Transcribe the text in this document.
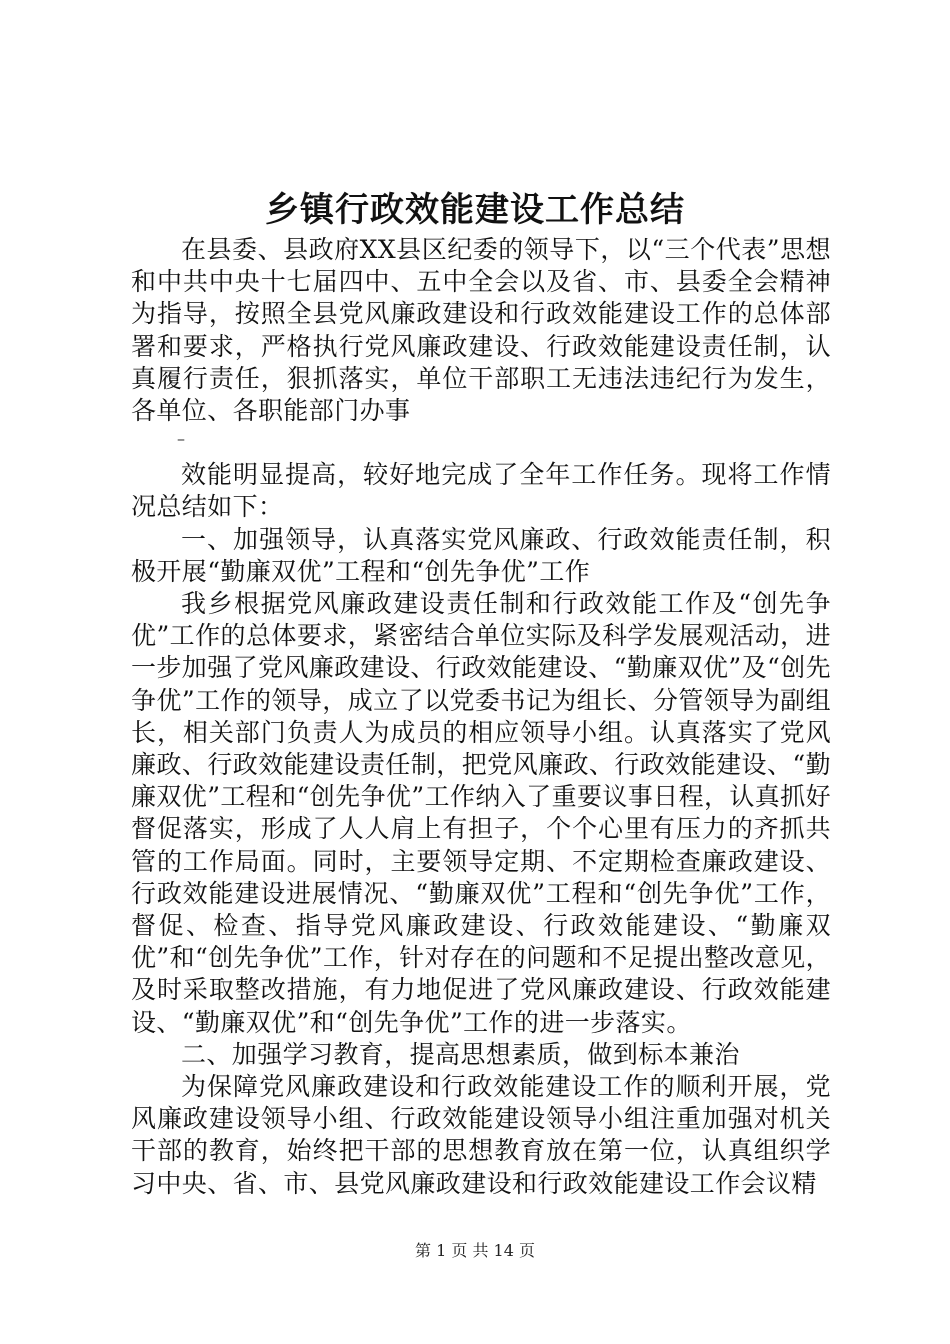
乡镇行政效能建设工作总结

在县委、县政府XX县区纪委的领导下，以“三个代表”思想和中共中央十七届四中、五中全会以及省、市、县委全会精神为指导，按照全县党风廉政建设和行政效能建设工作的总体部署和要求，严格执行党风廉政建设、行政效能建设责任制，认真履行责任，狠抓落实，单位干部职工无违法违纪行为发生，各单位、各职能部门办事

–

效能明显提高，较好地完成了全年工作任务。现将工作情况总结如下：

一、加强领导，认真落实党风廉政、行政效能责任制，积极开展“勤廉双优”工程和“创先争优”工作

我乡根据党风廉政建设责任制和行政效能工作及“创先争优”工作的总体要求，紧密结合单位实际及科学发展观活动，进一步加强了党风廉政建设、行政效能建设、“勤廉双优”及“创先争优”工作的领导，成立了以党委书记为组长、分管领导为副组长，相关部门负责人为成员的相应领导小组。认真落实了党风廉政、行政效能建设责任制，把党风廉政、行政效能建设、“勤廉双优”工程和“创先争优”工作纳入了重要议事日程，认真抓好督促落实，形成了人人肩上有担子，个个心里有压力的齐抓共管的工作局面。同时，主要领导定期、不定期检查廉政建设、行政效能建设进展情况、“勤廉双优”工程和“创先争优”工作，督促、检查、指导党风廉政建设、行政效能建设、“勤廉双优”和“创先争优”工作，针对存在的问题和不足提出整改意见，及时采取整改措施，有力地促进了党风廉政建设、行政效能建设、“勤廉双优”和“创先争优”工作的进一步落实。

二、加强学习教育，提高思想素质，做到标本兼治

为保障党风廉政建设和行政效能建设工作的顺利开展，党风廉政建设领导小组、行政效能建设领导小组注重加强对机关干部的教育，始终把干部的思想教育放在第一位，认真组织学习中央、省、市、县党风廉政建设和行政效能建设工作会议精

第 1 页 共 14 页
